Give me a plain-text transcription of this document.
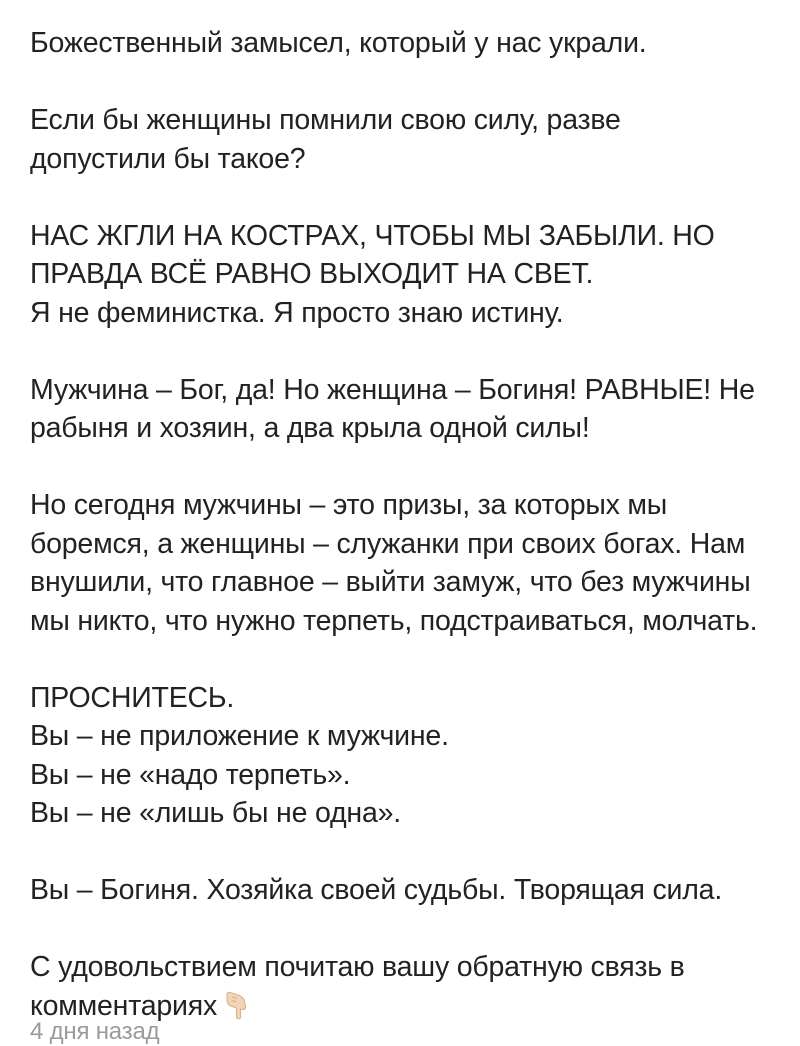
Божественный замысел, который у нас украли.
Если бы женщины помнили свою силу, разве
допустили бы такое?
НАС ЖГЛИ НА КОСТРАХ, ЧТОБЫ МЫ ЗАБЫЛИ. НО
ПРАВДА ВСЁ РАВНО ВЫХОДИТ НА СВЕТ.
Я не феминистка. Я просто знаю истину.
Мужчина – Бог, да! Но женщина – Богиня! РАВНЫЕ! Не
рабыня и хозяин, а два крыла одной силы!
Но сегодня мужчины – это призы, за которых мы
боремся, а женщины – служанки при своих богах. Нам
внушили, что главное – выйти замуж, что без мужчины
мы никто, что нужно терпеть, подстраиваться, молчать.
ПРОСНИТЕСЬ.
Вы – не приложение к мужчине.
Вы – не «надо терпеть».
Вы – не «лишь бы не одна».
Вы – Богиня. Хозяйка своей судьбы. Творящая сила.
С удовольствием почитаю вашу обратную связь в
комментариях
4 дня назад
